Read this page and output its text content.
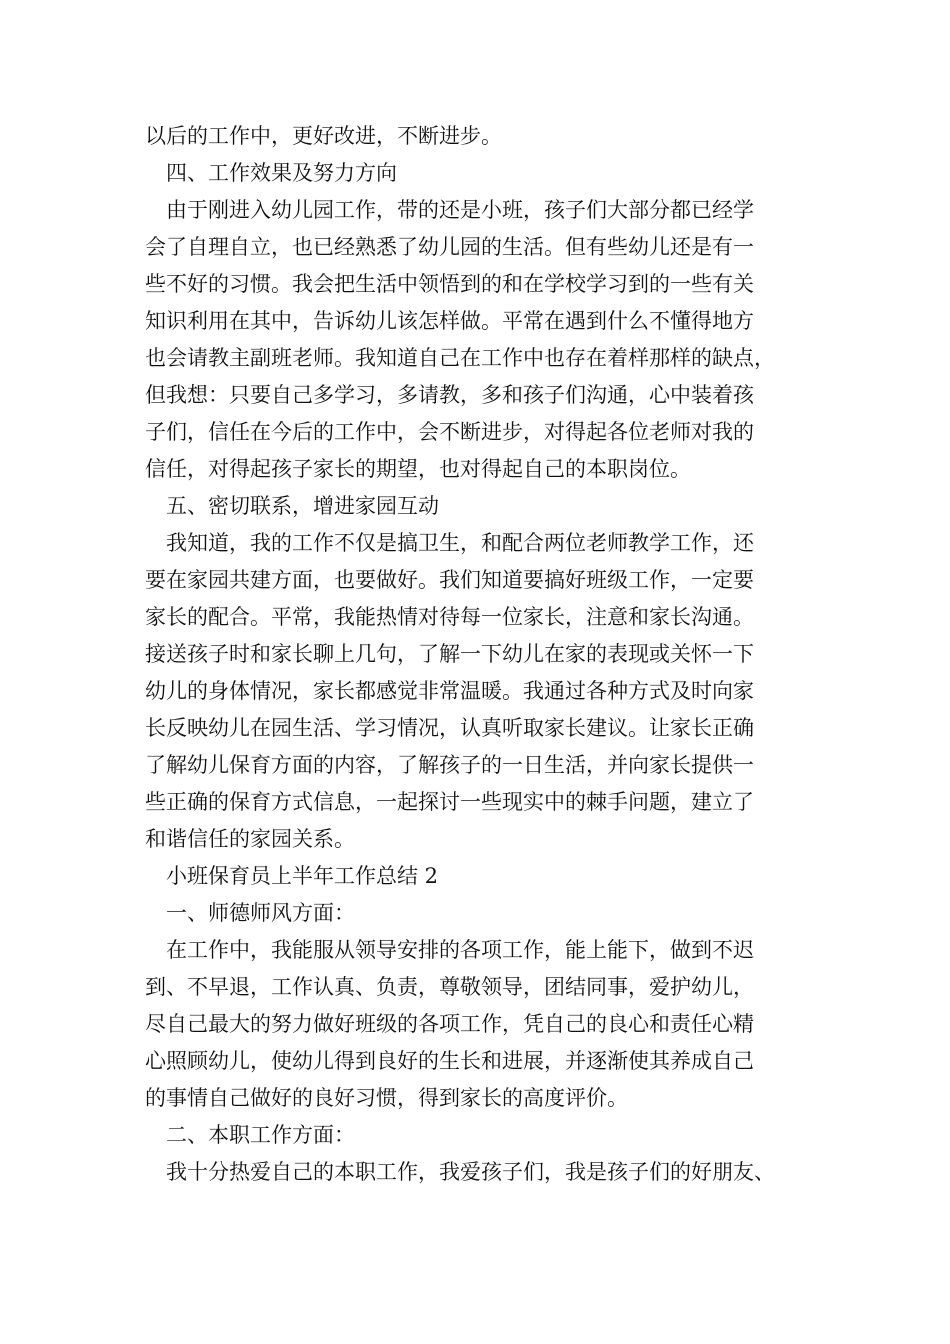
以后的工作中，更好改进，不断进步。
四、工作效果及努力方向
由于刚进入幼儿园工作，带的还是小班，孩子们大部分都已经学
会了自理自立，也已经熟悉了幼儿园的生活。但有些幼儿还是有一
些不好的习惯。我会把生活中领悟到的和在学校学习到的一些有关
知识利用在其中，告诉幼儿该怎样做。平常在遇到什么不懂得地方
也会请教主副班老师。我知道自己在工作中也存在着样那样的缺点，
但我想：只要自己多学习，多请教，多和孩子们沟通，心中装着孩
子们，信任在今后的工作中，会不断进步，对得起各位老师对我的
信任，对得起孩子家长的期望，也对得起自己的本职岗位。
五、密切联系，增进家园互动
我知道，我的工作不仅是搞卫生，和配合两位老师教学工作，还
要在家园共建方面，也要做好。我们知道要搞好班级工作，一定要
家长的配合。平常，我能热情对待每一位家长，注意和家长沟通。
接送孩子时和家长聊上几句，了解一下幼儿在家的表现或关怀一下
幼儿的身体情况，家长都感觉非常温暖。我通过各种方式及时向家
长反映幼儿在园生活、学习情况，认真听取家长建议。让家长正确
了解幼儿保育方面的内容，了解孩子的一日生活，并向家长提供一
些正确的保育方式信息，一起探讨一些现实中的棘手问题，建立了
和谐信任的家园关系。
小班保育员上半年工作总结 2
一、师德师风方面：
在工作中，我能服从领导安排的各项工作，能上能下，做到不迟
到、不早退，工作认真、负责，尊敬领导，团结同事，爱护幼儿，
尽自己最大的努力做好班级的各项工作，凭自己的良心和责任心精
心照顾幼儿，使幼儿得到良好的生长和进展，并逐渐使其养成自己
的事情自己做好的良好习惯，得到家长的高度评价。
二、本职工作方面：
我十分热爱自己的本职工作，我爱孩子们，我是孩子们的好朋友、
